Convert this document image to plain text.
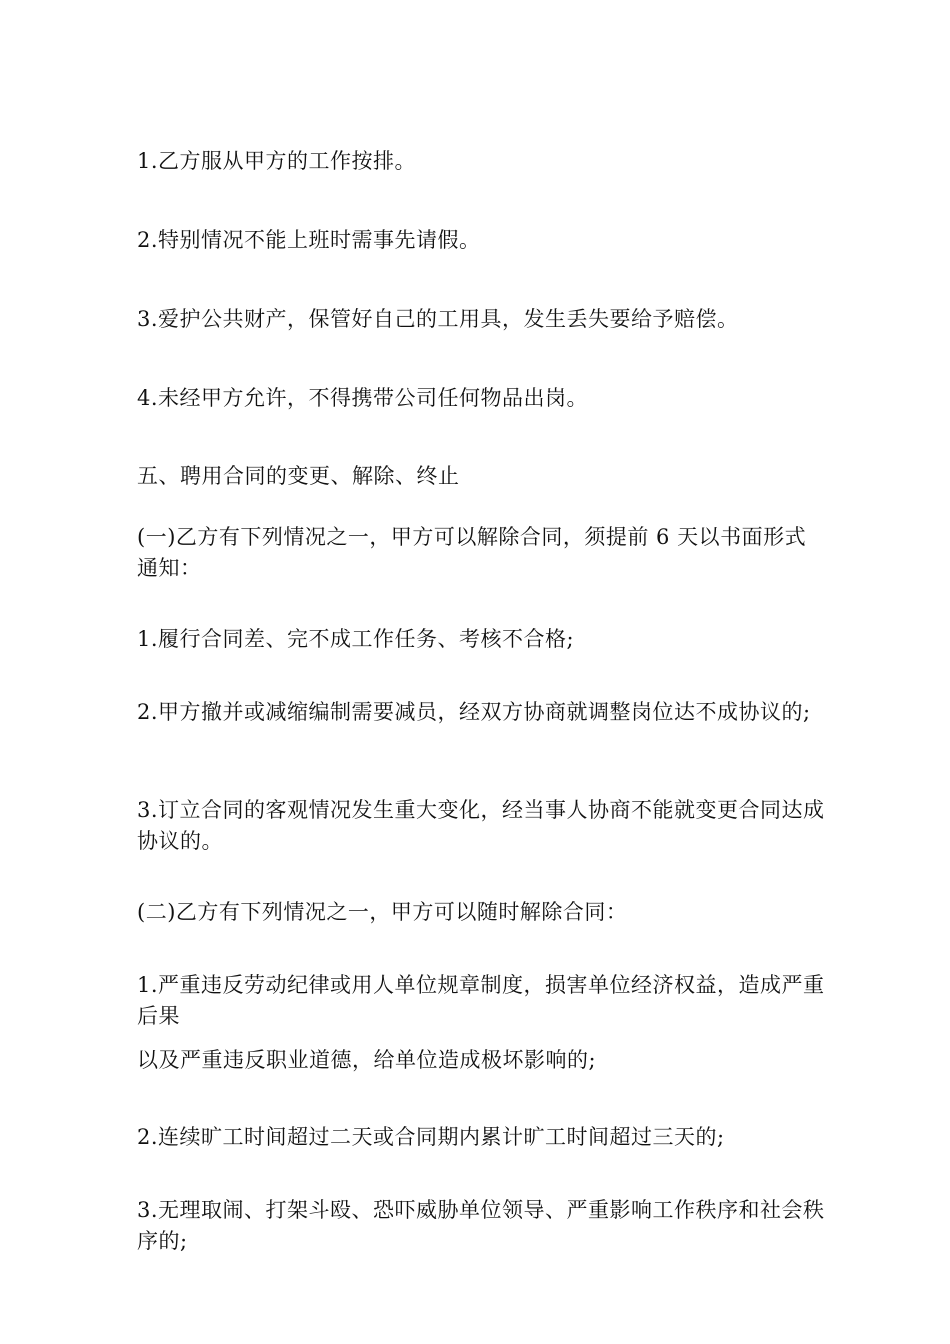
1.乙方服从甲方的工作按排。

2.特别情况不能上班时需事先请假。

3.爱护公共财产，保管好自己的工用具，发生丢失要给予赔偿。

4.未经甲方允许，不得携带公司任何物品出岗。

五、聘用合同的变更、解除、终止

(一)乙方有下列情况之一，甲方可以解除合同，须提前 6 天以书面形式通知：

1.履行合同差、完不成工作任务、考核不合格;

2.甲方撤并或减缩编制需要减员，经双方协商就调整岗位达不成协议的;

3.订立合同的客观情况发生重大变化，经当事人协商不能就变更合同达成协议的。

(二)乙方有下列情况之一，甲方可以随时解除合同：

1.严重违反劳动纪律或用人单位规章制度，损害单位经济权益，造成严重后果

以及严重违反职业道德，给单位造成极坏影响的;

2.连续旷工时间超过二天或合同期内累计旷工时间超过三天的;

3.无理取闹、打架斗殴、恐吓威胁单位领导、严重影响工作秩序和社会秩序的;
